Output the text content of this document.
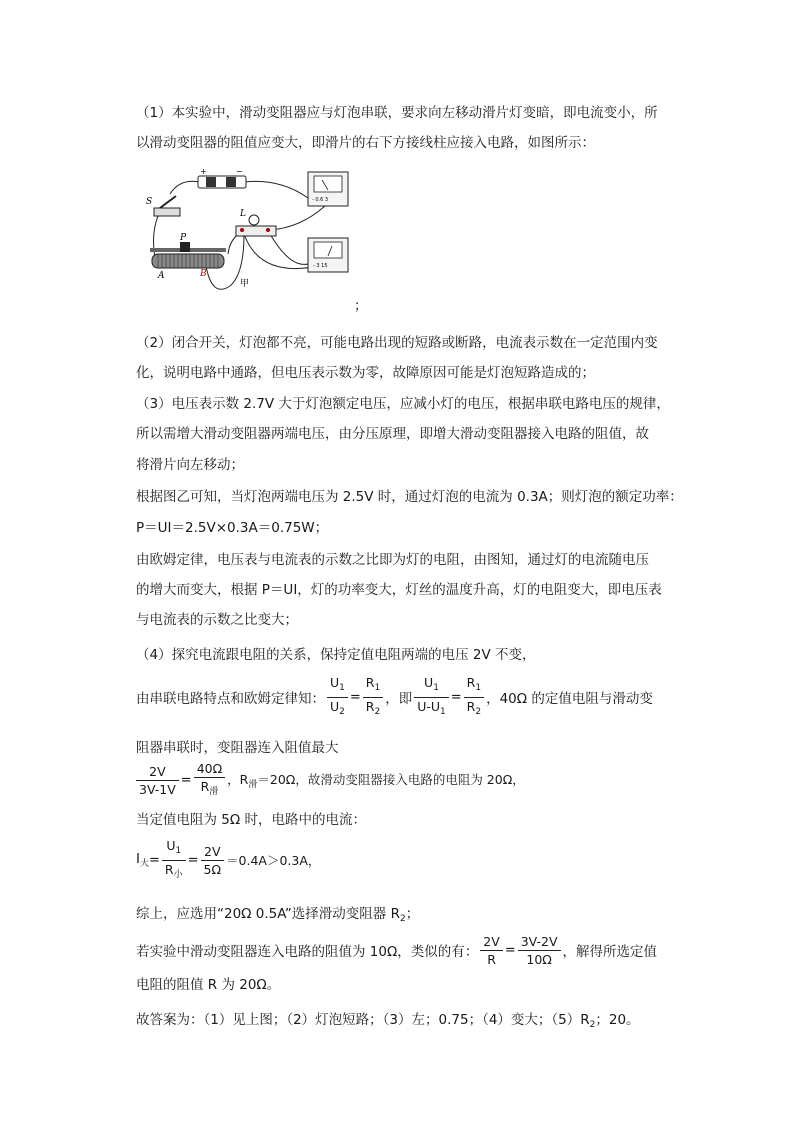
（1）本实验中，滑动变阻器应与灯泡串联，要求向左移动滑片灯变暗，即电流变小，所
以滑动变阻器的阻值应变大，即滑片的右下方接线柱应接入电路，如图所示：
+	−
S
P
A	B
L
甲
- 0.6 3
- 3 15
；
（2）闭合开关，灯泡都不亮，可能电路出现的短路或断路，电流表示数在一定范围内变
化，说明电路中通路，但电压表示数为零，故障原因可能是灯泡短路造成的；
（3）电压表示数 2.7V 大于灯泡额定电压，应减小灯的电压，根据串联电路电压的规律，
所以需增大滑动变阻器两端电压，由分压原理，即增大滑动变阻器接入电路的阻值，故
将滑片向左移动；
根据图乙可知，当灯泡两端电压为 2.5V 时，通过灯泡的电流为 0.3A；则灯泡的额定功率：
P＝UI＝2.5V×0.3A＝0.75W；
由欧姆定律，电压表与电流表的示数之比即为灯的电阻，由图知，通过灯的电流随电压
的增大而变大，根据 P＝UI，灯的功率变大，灯丝的温度升高，灯的电阻变大，即电压表
与电流表的示数之比变大；
（4）探究电流跟电阻的关系，保持定值电阻两端的电压 2V 不变，
由串联电路特点和欧姆定律知： $\frac{U_1}{U_2} = \frac{R_1}{R_2}$ ，即 $\frac{U_1}{U-U_1} = \frac{R_1}{R_2}$ ，40Ω 的定值电阻与滑动变
阻器串联时，变阻器连入阻值最大
$\frac{2V}{3V-1V} = \frac{40\Omega}{R_滑}$ ，$R_滑=20\Omega$，故滑动变阻器接入电路的电阻为 20Ω，
当定值电阻为 5Ω 时，电路中的电流：
$I_大 = \frac{U_1}{R_小} = \frac{2V}{5\Omega} =0.4A>0.3A$，
综上，应选用“20Ω 0.5A”选择滑动变阻器 $R_2$；
若实验中滑动变阻器连入电路的阻值为 10Ω，类似的有： $\frac{2V}{R} = \frac{3V-2V}{10\Omega}$ ，解得所选定值
电阻的阻值 R 为 20Ω。
故答案为：（1）见上图；（2）灯泡短路；（3）左；0.75；（4）变大；$(5)R_2$；20。
